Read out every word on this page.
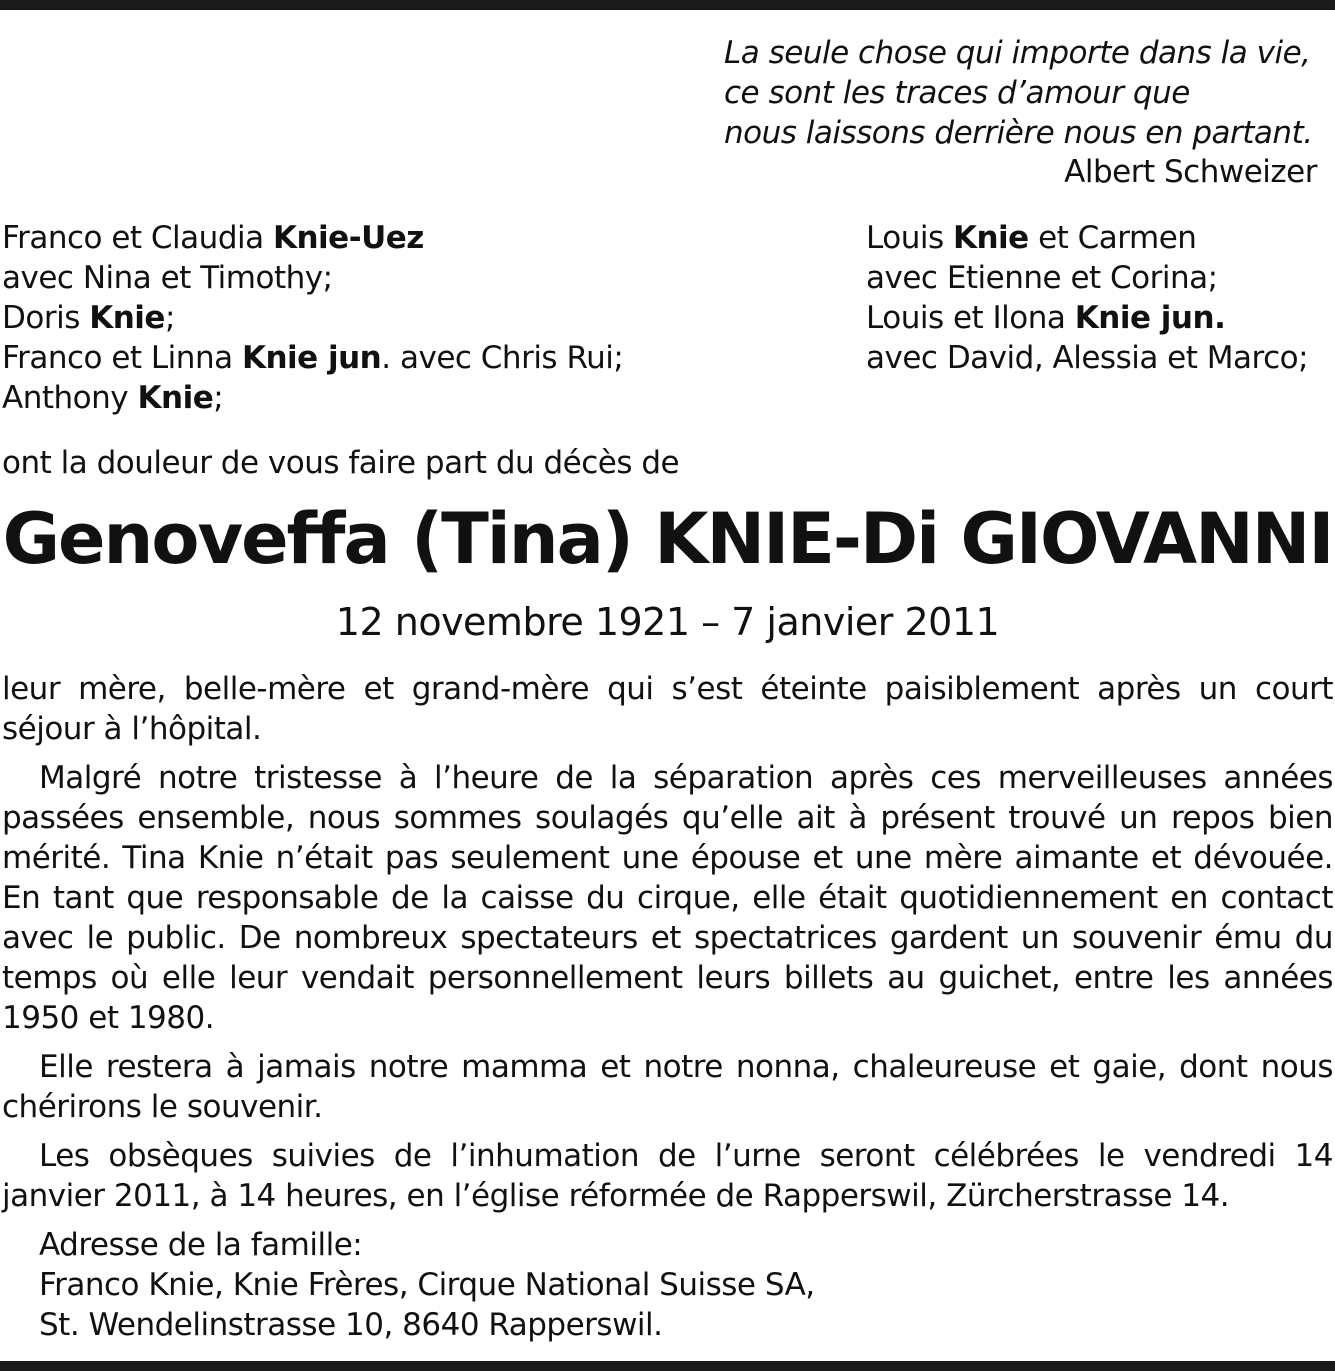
La seule chose qui importe dans la vie,
ce sont les traces d’amour que
nous laissons derrière nous en partant.
Albert Schweizer
Franco et Claudia Knie-Uez
avec Nina et Timothy;
Doris Knie;
Franco et Linna Knie jun. avec Chris Rui;
Anthony Knie;
Louis Knie et Carmen
avec Etienne et Corina;
Louis et Ilona Knie jun.
avec David, Alessia et Marco;
ont la douleur de vous faire part du décès de
Genoveffa (Tina) KNIE-Di GIOVANNI
12 novembre 1921 – 7 janvier 2011

leur mère, belle-mère et grand-mère qui s’est éteinte paisiblement après un court séjour à l’hôpital.

Malgré notre tristesse à l’heure de la séparation après ces merveilleuses années passées ensemble, nous sommes soulagés qu’elle ait à présent trouvé un repos bien mérité. Tina Knie n’était pas seulement une épouse et une mère aimante et dévouée. En tant que responsable de la caisse du cirque, elle était quotidiennement en contact avec le public. De nombreux spectateurs et spectatrices gardent un souvenir ému du temps où elle leur vendait personnellement leurs billets au guichet, entre les années 1950 et 1980.

Elle restera à jamais notre mamma et notre nonna, chaleureuse et gaie, dont nous chérirons le souvenir.

Les obsèques suivies de l’inhumation de l’urne seront célébrées le vendredi 14 janvier 2011, à 14 heures, en l’église réformée de Rapperswil, Zürcherstrasse 14.

Adresse de la famille:
Franco Knie, Knie Frères, Cirque National Suisse SA,
St. Wendelinstrasse 10, 8640 Rapperswil.
